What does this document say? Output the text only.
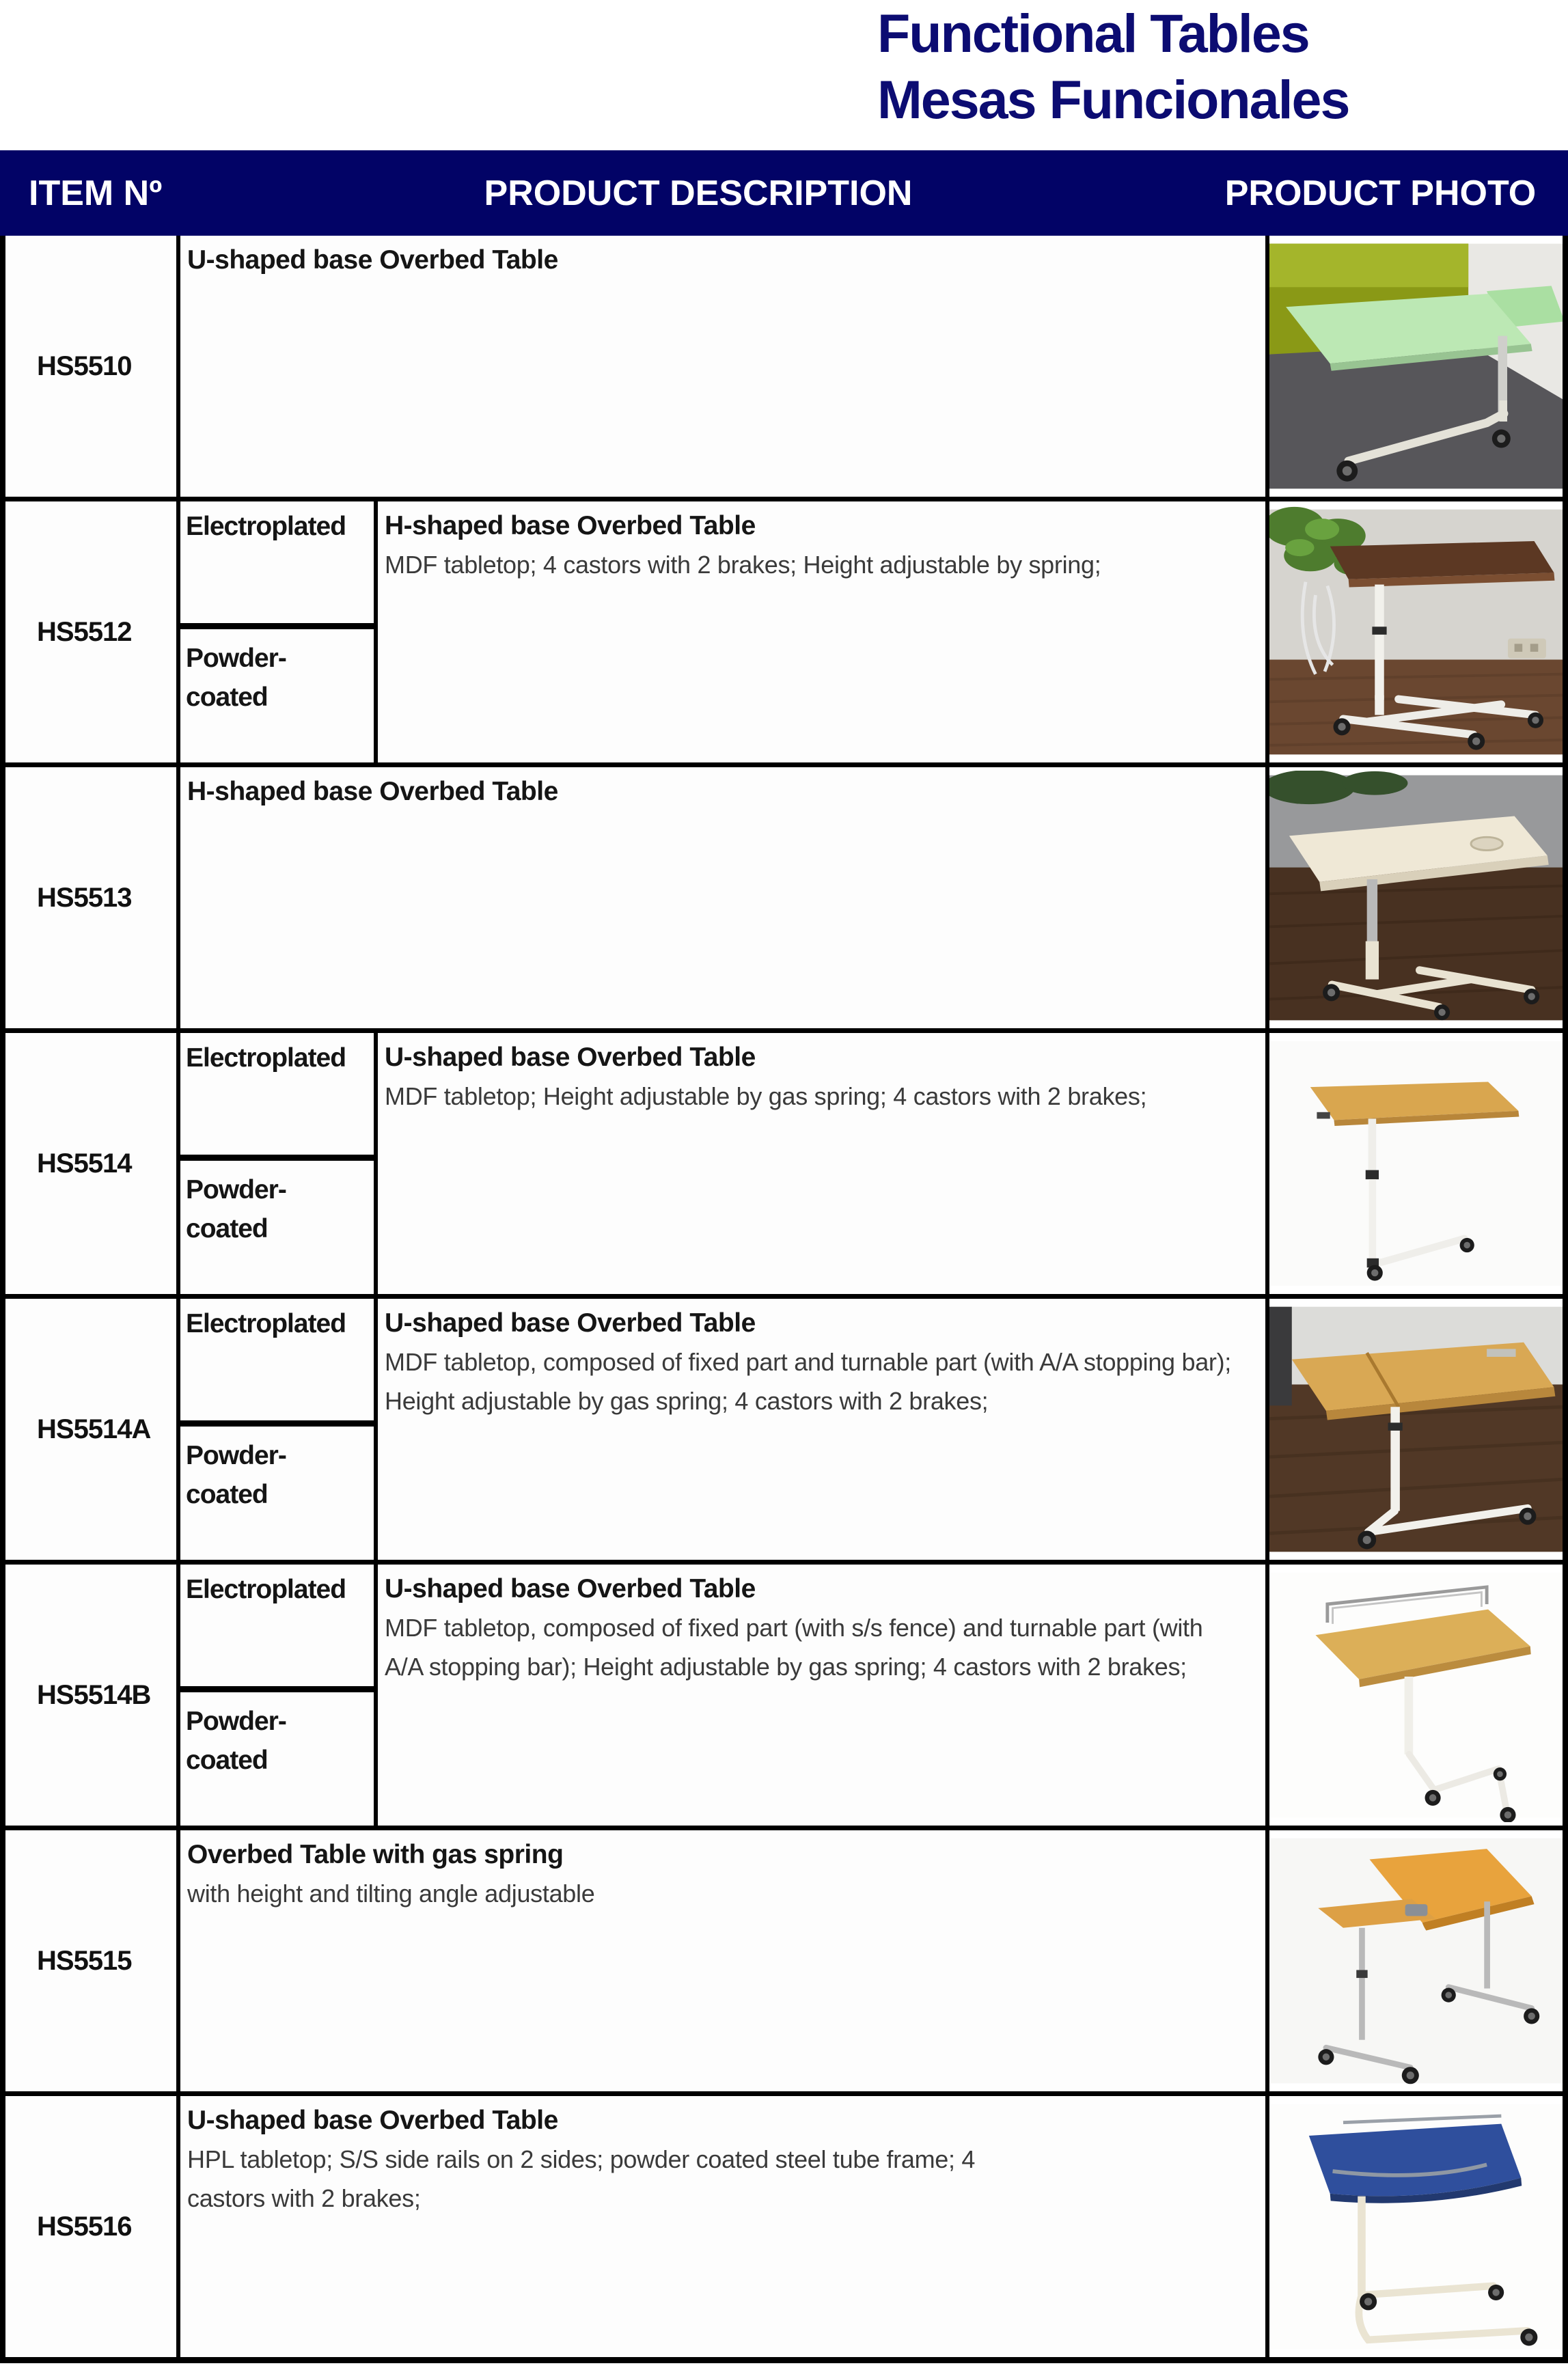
Functional Tables
Mesas Funcionales
ITEM Nº	PRODUCT DESCRIPTION	PRODUCT PHOTO
HS5510
U-shaped base Overbed Table
HS5512
Electroplated
Powder-coated
H-shaped base Overbed Table
MDF tabletop; 4 castors with 2 brakes; Height adjustable by spring;
HS5513
H-shaped base Overbed Table
HS5514
Electroplated
Powder-coated
U-shaped base Overbed Table
MDF tabletop; Height adjustable by gas spring; 4 castors with 2 brakes;
HS5514A
Electroplated
Powder-coated
U-shaped base Overbed Table
MDF tabletop, composed of fixed part and turnable part (with A/A stopping bar); Height adjustable by gas spring; 4 castors with 2 brakes;
HS5514B
Electroplated
Powder-coated
U-shaped base Overbed Table
MDF tabletop, composed of fixed part (with s/s fence) and turnable part (with A/A stopping bar); Height adjustable by gas spring; 4 castors with 2 brakes;
HS5515
Overbed Table with gas spring
with height and tilting angle adjustable
HS5516
U-shaped base Overbed Table
HPL tabletop; S/S side rails on 2 sides; powder coated steel tube frame; 4 castors with 2 brakes;
